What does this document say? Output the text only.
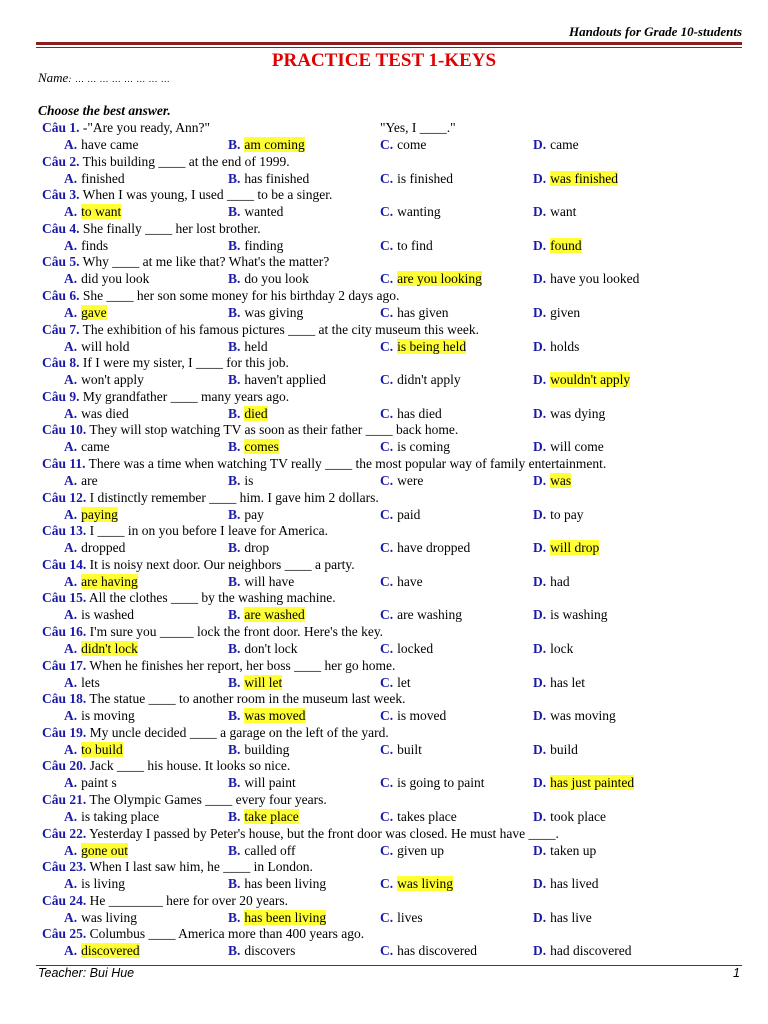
Handouts for Grade 10-students
PRACTICE TEST 1-KEYS
Name: … … … … … … … …
Choose the best answer.
Câu 1. -"Are you ready, Ann?"	"Yes, I ____."
A. have came	B. am coming	C. come	D. came
Câu 2. This building ____ at the end of 1999.
A. finished	B. has finished	C. is finished	D. was finished
Câu 3. When I was young, I used ____ to be a singer.
A. to want	B. wanted	C. wanting	D. want
Câu 4. She finally ____ her lost brother.
A. finds	B. finding	C. to find	D. found
Câu 5. Why ____ at me like that? What's the matter?
A. did you look	B. do you look	C. are you looking	D. have you looked
Câu 6. She ____ her son some money for his birthday 2 days ago.
A. gave	B. was giving	C. has given	D. given
Câu 7. The exhibition of his famous pictures ____ at the city museum this week.
A. will hold	B. held	C. is being held	D. holds
Câu 8. If I were my sister, I ____ for this job.
A. won't apply	B. haven't applied	C. didn't apply	D. wouldn't apply
Câu 9. My grandfather ____ many years ago.
A. was died	B. died	C. has died	D. was dying
Câu 10. They will stop watching TV as soon as their father ____ back home.
A. came	B. comes	C. is coming	D. will come
Câu 11. There was a time when watching TV really ____ the most popular way of family entertainment.
A. are	B. is	C. were	D. was
Câu 12. I distinctly remember ____ him. I gave him 2 dollars.
A. paying	B. pay	C. paid	D. to pay
Câu 13. I ____ in on you before I leave for America.
A. dropped	B. drop	C. have dropped	D. will drop
Câu 14. It is noisy next door. Our neighbors ____ a party.
A. are having	B. will have	C. have	D. had
Câu 15. All the clothes ____ by the washing machine.
A. is washed	B. are washed	C. are washing	D. is washing
Câu 16. I'm sure you _____ lock the front door. Here's the key.
A. didn't lock	B. don't lock	C. locked	D. lock
Câu 17. When he finishes her report, her boss ____ her go home.
A. lets	B. will let	C. let	D. has let
Câu 18. The statue ____ to another room in the museum last week.
A. is moving	B. was moved	C. is moved	D. was moving
Câu 19. My uncle decided ____ a garage on the left of the yard.
A. to build	B. building	C. built	D. build
Câu 20. Jack ____ his house. It looks so nice.
A. paint s	B. will paint	C. is going to paint	D. has just painted
Câu 21. The Olympic Games ____ every four years.
A. is taking place	B. take place	C. takes place	D. took place
Câu 22. Yesterday I passed by Peter's house, but the front door was closed. He must have ____.
A. gone out	B. called off	C. given up	D. taken up
Câu 23. When I last saw him, he ____ in London.
A. is living	B. has been living	C. was living	D. has lived
Câu 24. He ________ here for over 20 years.
A. was living	B. has been living	C. lives	D. has live
Câu 25. Columbus ____ America more than 400 years ago.
A. discovered	B. discovers	C. has discovered	D. had discovered
Teacher: Bui Hue	1
